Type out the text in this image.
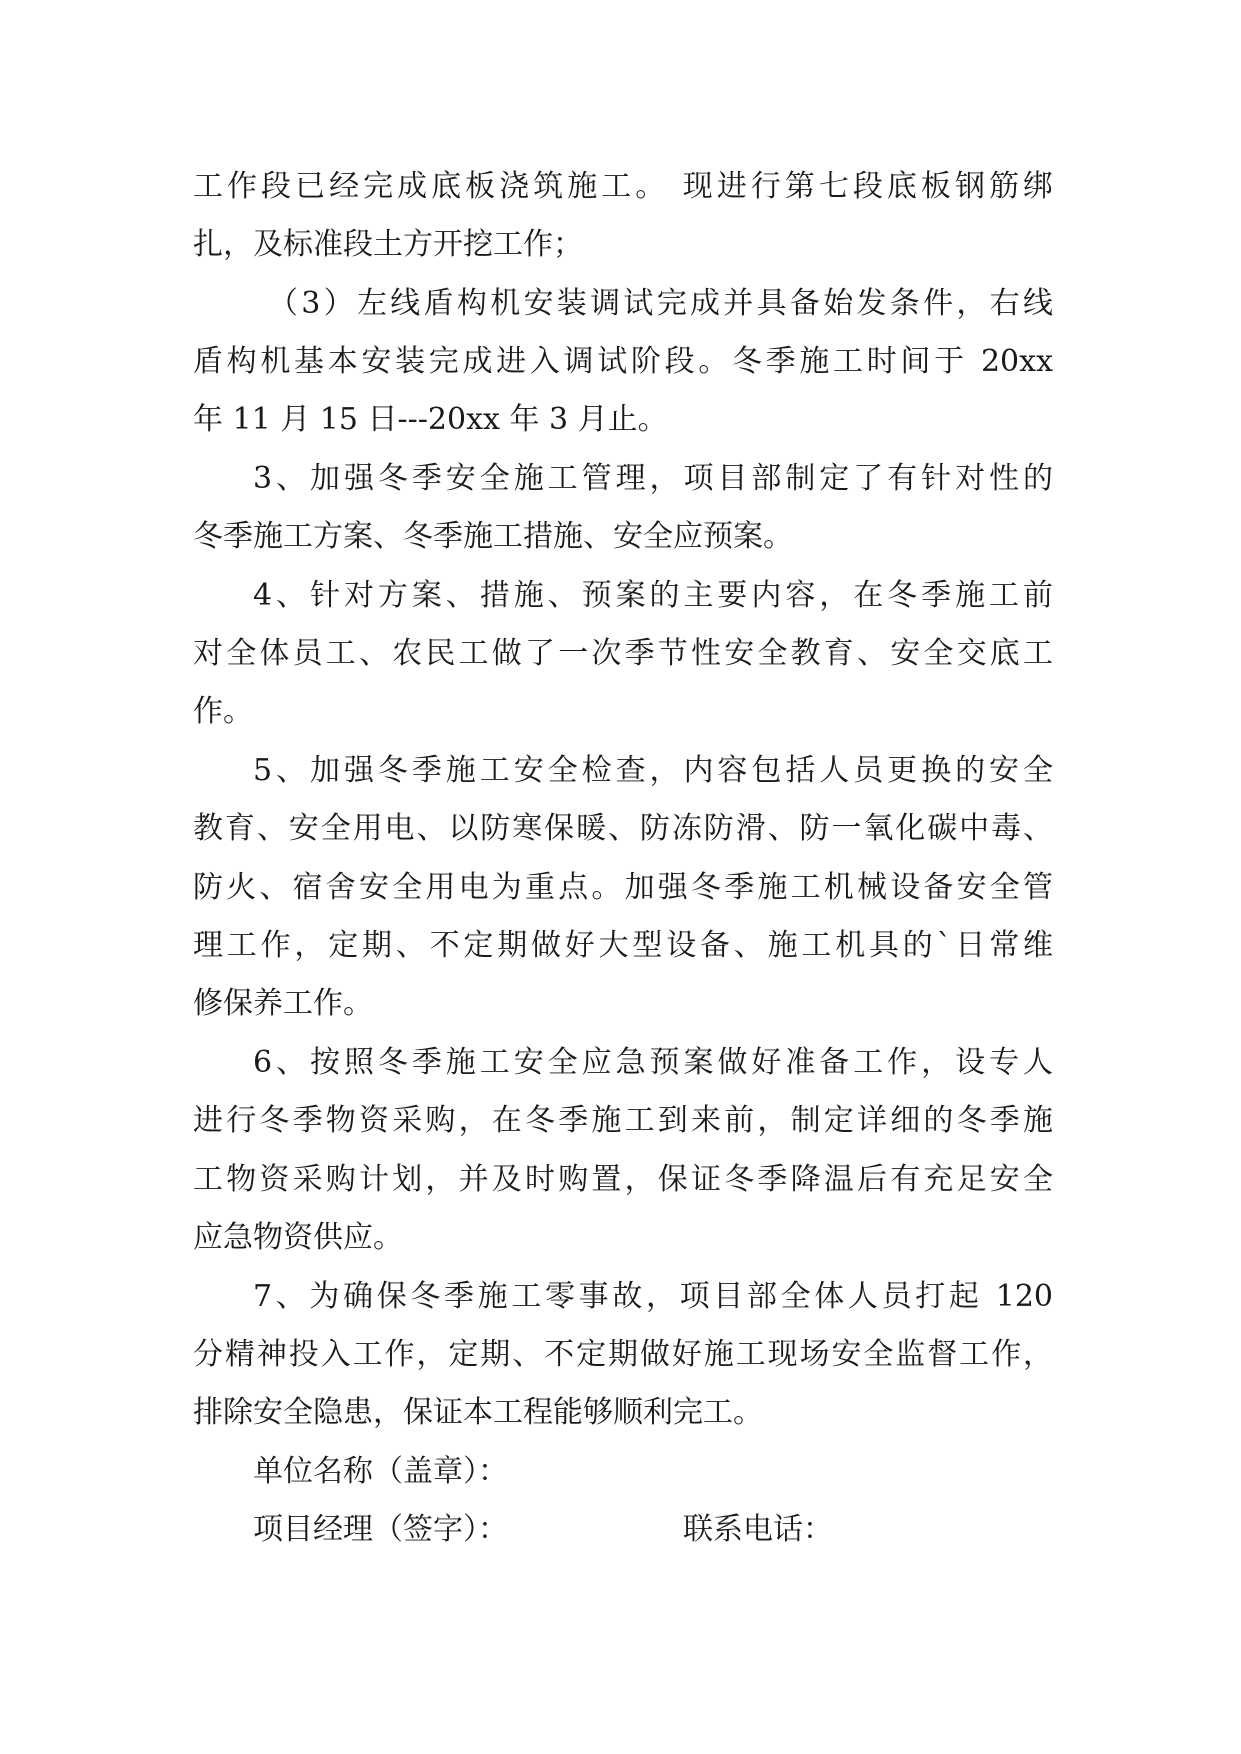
工作段已经完成底板浇筑施工。 现进行第七段底板钢筋绑
扎，及标准段土方开挖工作；
（3）左线盾构机安装调试完成并具备始发条件，右线
盾构机基本安装完成进入调试阶段。冬季施工时间于 20xx
年 11 月 15 日---20xx 年 3 月止。
3、加强冬季安全施工管理，项目部制定了有针对性的
冬季施工方案、冬季施工措施、安全应预案。
4、针对方案、措施、预案的主要内容，在冬季施工前
对全体员工、农民工做了一次季节性安全教育、安全交底工
作。
5、加强冬季施工安全检查，内容包括人员更换的安全
教育、安全用电、以防寒保暖、防冻防滑、防一氧化碳中毒、
防火、宿舍安全用电为重点。加强冬季施工机械设备安全管
理工作，定期、不定期做好大型设备、施工机具的`日常维
修保养工作。
6、按照冬季施工安全应急预案做好准备工作，设专人
进行冬季物资采购，在冬季施工到来前，制定详细的冬季施
工物资采购计划，并及时购置，保证冬季降温后有充足安全
应急物资供应。
7、为确保冬季施工零事故，项目部全体人员打起 120
分精神投入工作，定期、不定期做好施工现场安全监督工作，
排除安全隐患，保证本工程能够顺利完工。
单位名称（盖章）：
项目经理（签字）：	联系电话：
